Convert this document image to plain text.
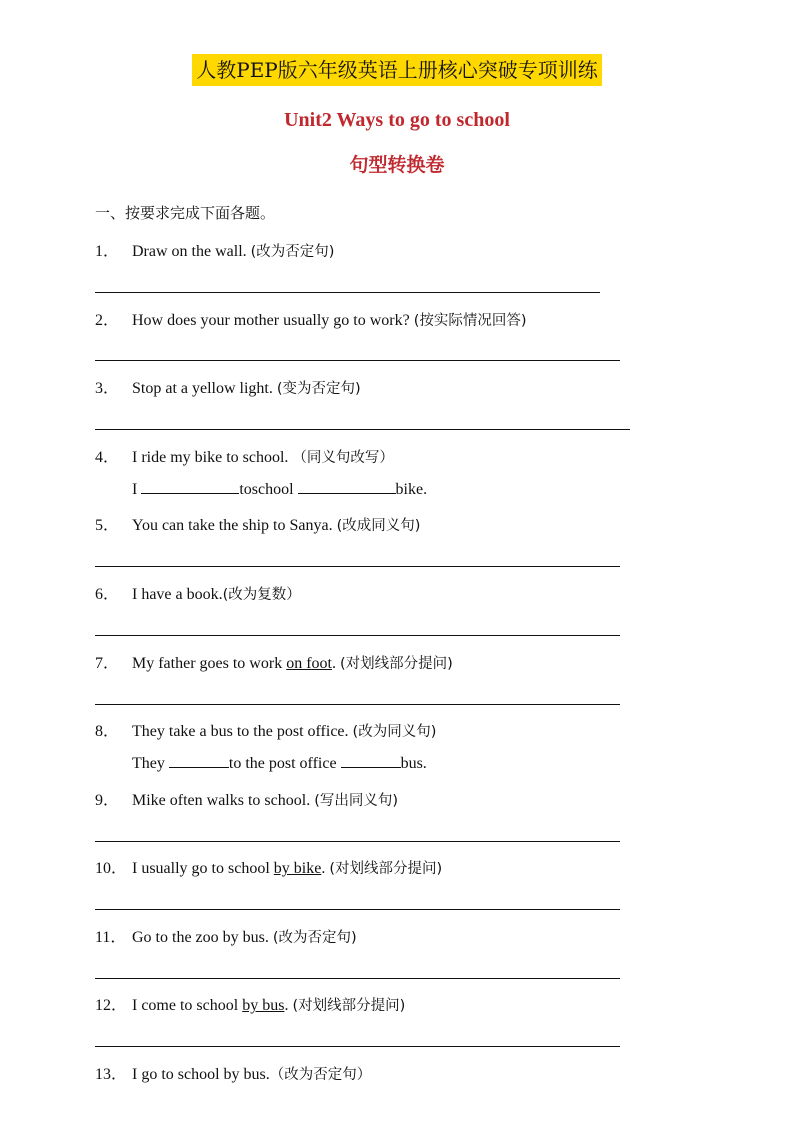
人教PEP版六年级英语上册核心突破专项训练
Unit2 Ways to go to school
句型转换卷
一、按要求完成下面各题。
1． Draw on the wall. (改为否定句)
2． How does your mother usually go to work? (按实际情况回答)
3． Stop at a yellow light. (变为否定句)
4． I ride my bike to school. （同义句改写）
I	toschool	bike.
5． You can take the ship to Sanya. (改成同义句)
6． I have a book.(改为复数）
7． My father goes to work on foot. (对划线部分提问)
8． They take a bus to the post office. (改为同义句)
They	to the post office	bus.
9． Mike often walks to school. (写出同义句)
10． I usually go to school by bike. (对划线部分提问)
11． Go to the zoo by bus. (改为否定句)
12． I come to school by bus. (对划线部分提问)
13． I go to school by bus.（改为否定句）
